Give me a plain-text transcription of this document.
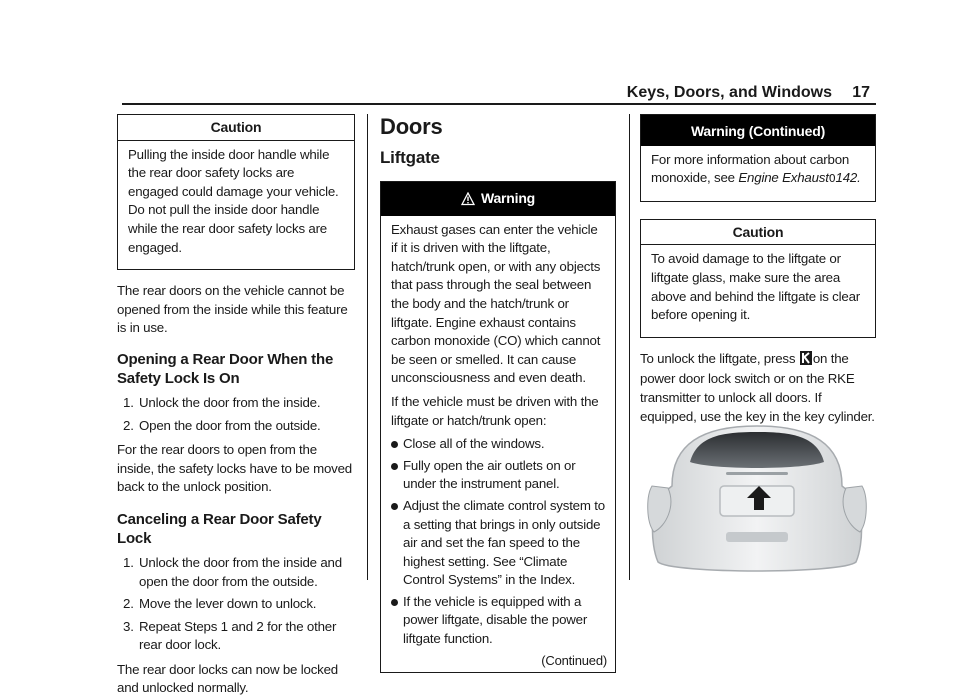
Keys, Doors, and Windows 17
Caution

Pulling the inside door handle while the rear door safety locks are engaged could damage your vehicle. Do not pull the inside door handle while the rear door safety locks are engaged.

The rear doors on the vehicle cannot be opened from the inside while this feature is in use.

Opening a Rear Door When the Safety Lock Is On
1. Unlock the door from the inside.
2. Open the door from the outside.

For the rear doors to open from the inside, the safety locks have to be moved back to the unlock position.

Canceling a Rear Door Safety Lock
1. Unlock the door from the inside and open the door from the outside.
2. Move the lever down to unlock.
3. Repeat Steps 1 and 2 for the other rear door lock.

The rear door locks can now be locked and unlocked normally.

Doors
Liftgate
Warning

Exhaust gases can enter the vehicle if it is driven with the liftgate, hatch/trunk open, or with any objects that pass through the seal between the body and the hatch/trunk or liftgate. Engine exhaust contains carbon monoxide (CO) which cannot be seen or smelled. It can cause unconsciousness and even death.

If the vehicle must be driven with the liftgate or hatch/trunk open:

Close all of the windows.
Fully open the air outlets on or under the instrument panel.
Adjust the climate control system to a setting that brings in only outside air and set the fan speed to the highest setting. See “Climate Control Systems” in the Index.
If the vehicle is equipped with a power liftgate, disable the power liftgate function.
(Continued)
Warning (Continued)

For more information about carbon monoxide, see Engine Exhaust0142.

Caution

To avoid damage to the liftgate or liftgate glass, make sure the area above and behind the liftgate is clear before opening it.

To unlock the liftgate, press on the power door lock switch or on the RKE transmitter to unlock all doors. If equipped, use the key in the key cylinder.
